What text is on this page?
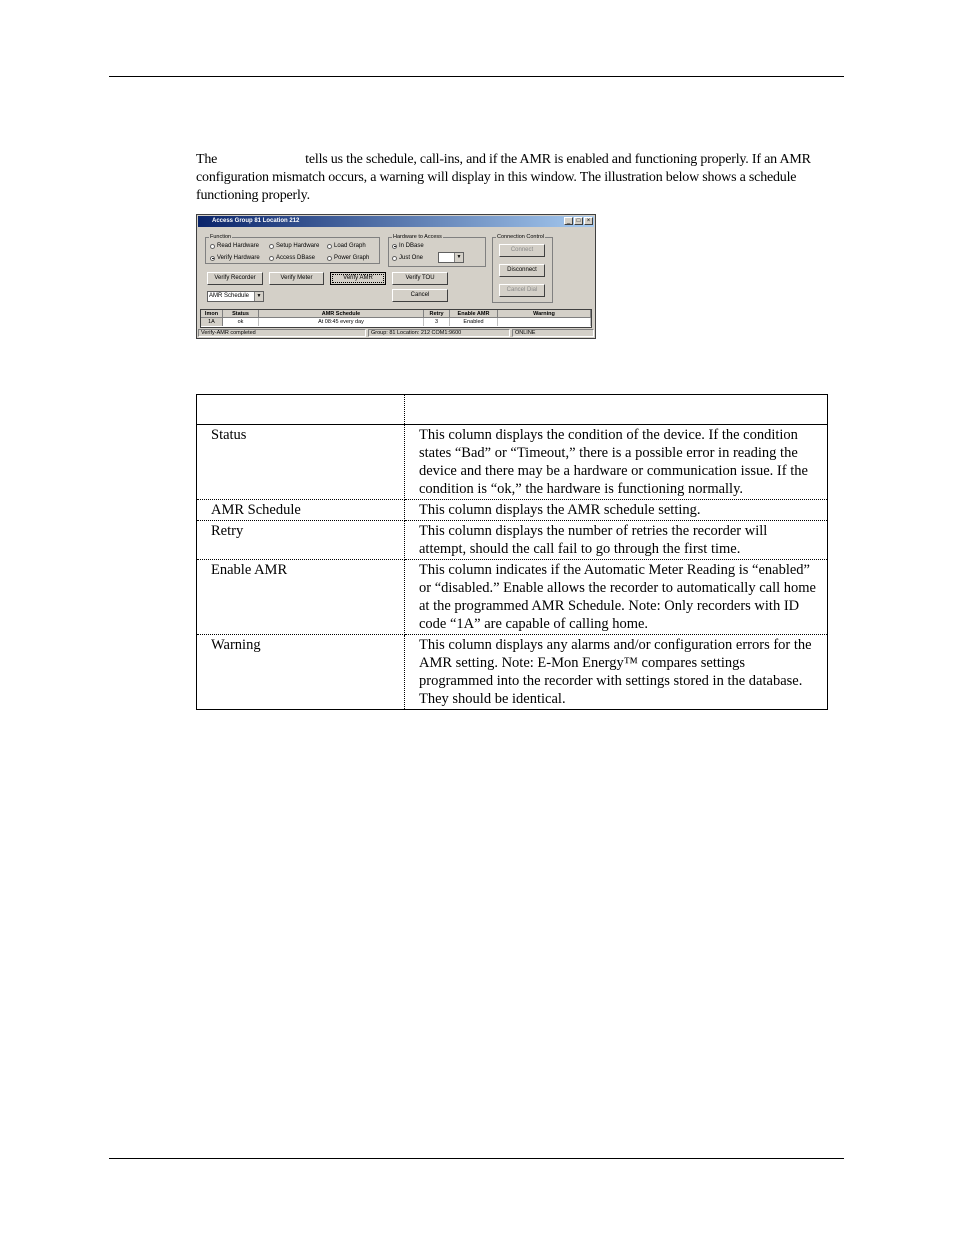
The	tells us the schedule, call-ins, and if the AMR is enabled and functioning properly. If an AMR configuration mismatch occurs, a warning will display in this window. The illustration below shows a schedule functioning properly.

Access Group 81 Location 212	_	□	×
Function
Read Hardware	Setup Hardware Load Graph
Verify Hardware	Access DBase	Power Graph
Hardware to Access
In DBase
Just One	▼
Connection Control
Connect
Disconnect
Cancel Dial
Verify Recorder	Verify Meter	Verify AMR	Verify TOU
Cancel
AMR Schedule	▼
Imon	Status	AMR Schedule	Retry	Enable AMR	Warning
1A	ok	At 08:45 every day	3	Enabled
Verify-AMR completed	Group: 81 Location: 212 COM1:9600	ONLINE

Status	This column displays the condition of the device. If the condition states “Bad” or “Timeout,” there is a possible error in reading the device and there may be a hardware or communication issue. If the condition is “ok,” the hardware is functioning normally.
AMR Schedule	This column displays the AMR schedule setting.
Retry	This column displays the number of retries the recorder will attempt, should the call fail to go through the first time.
Enable AMR	This column indicates if the Automatic Meter Reading is “enabled” or “disabled.” Enable allows the recorder to automatically call home at the programmed AMR Schedule. Note: Only recorders with ID code “1A” are capable of calling home.
Warning	This column displays any alarms and/or configuration errors for the AMR setting. Note: E-Mon Energy™ compares settings programmed into the recorder with settings stored in the database. They should be identical.
